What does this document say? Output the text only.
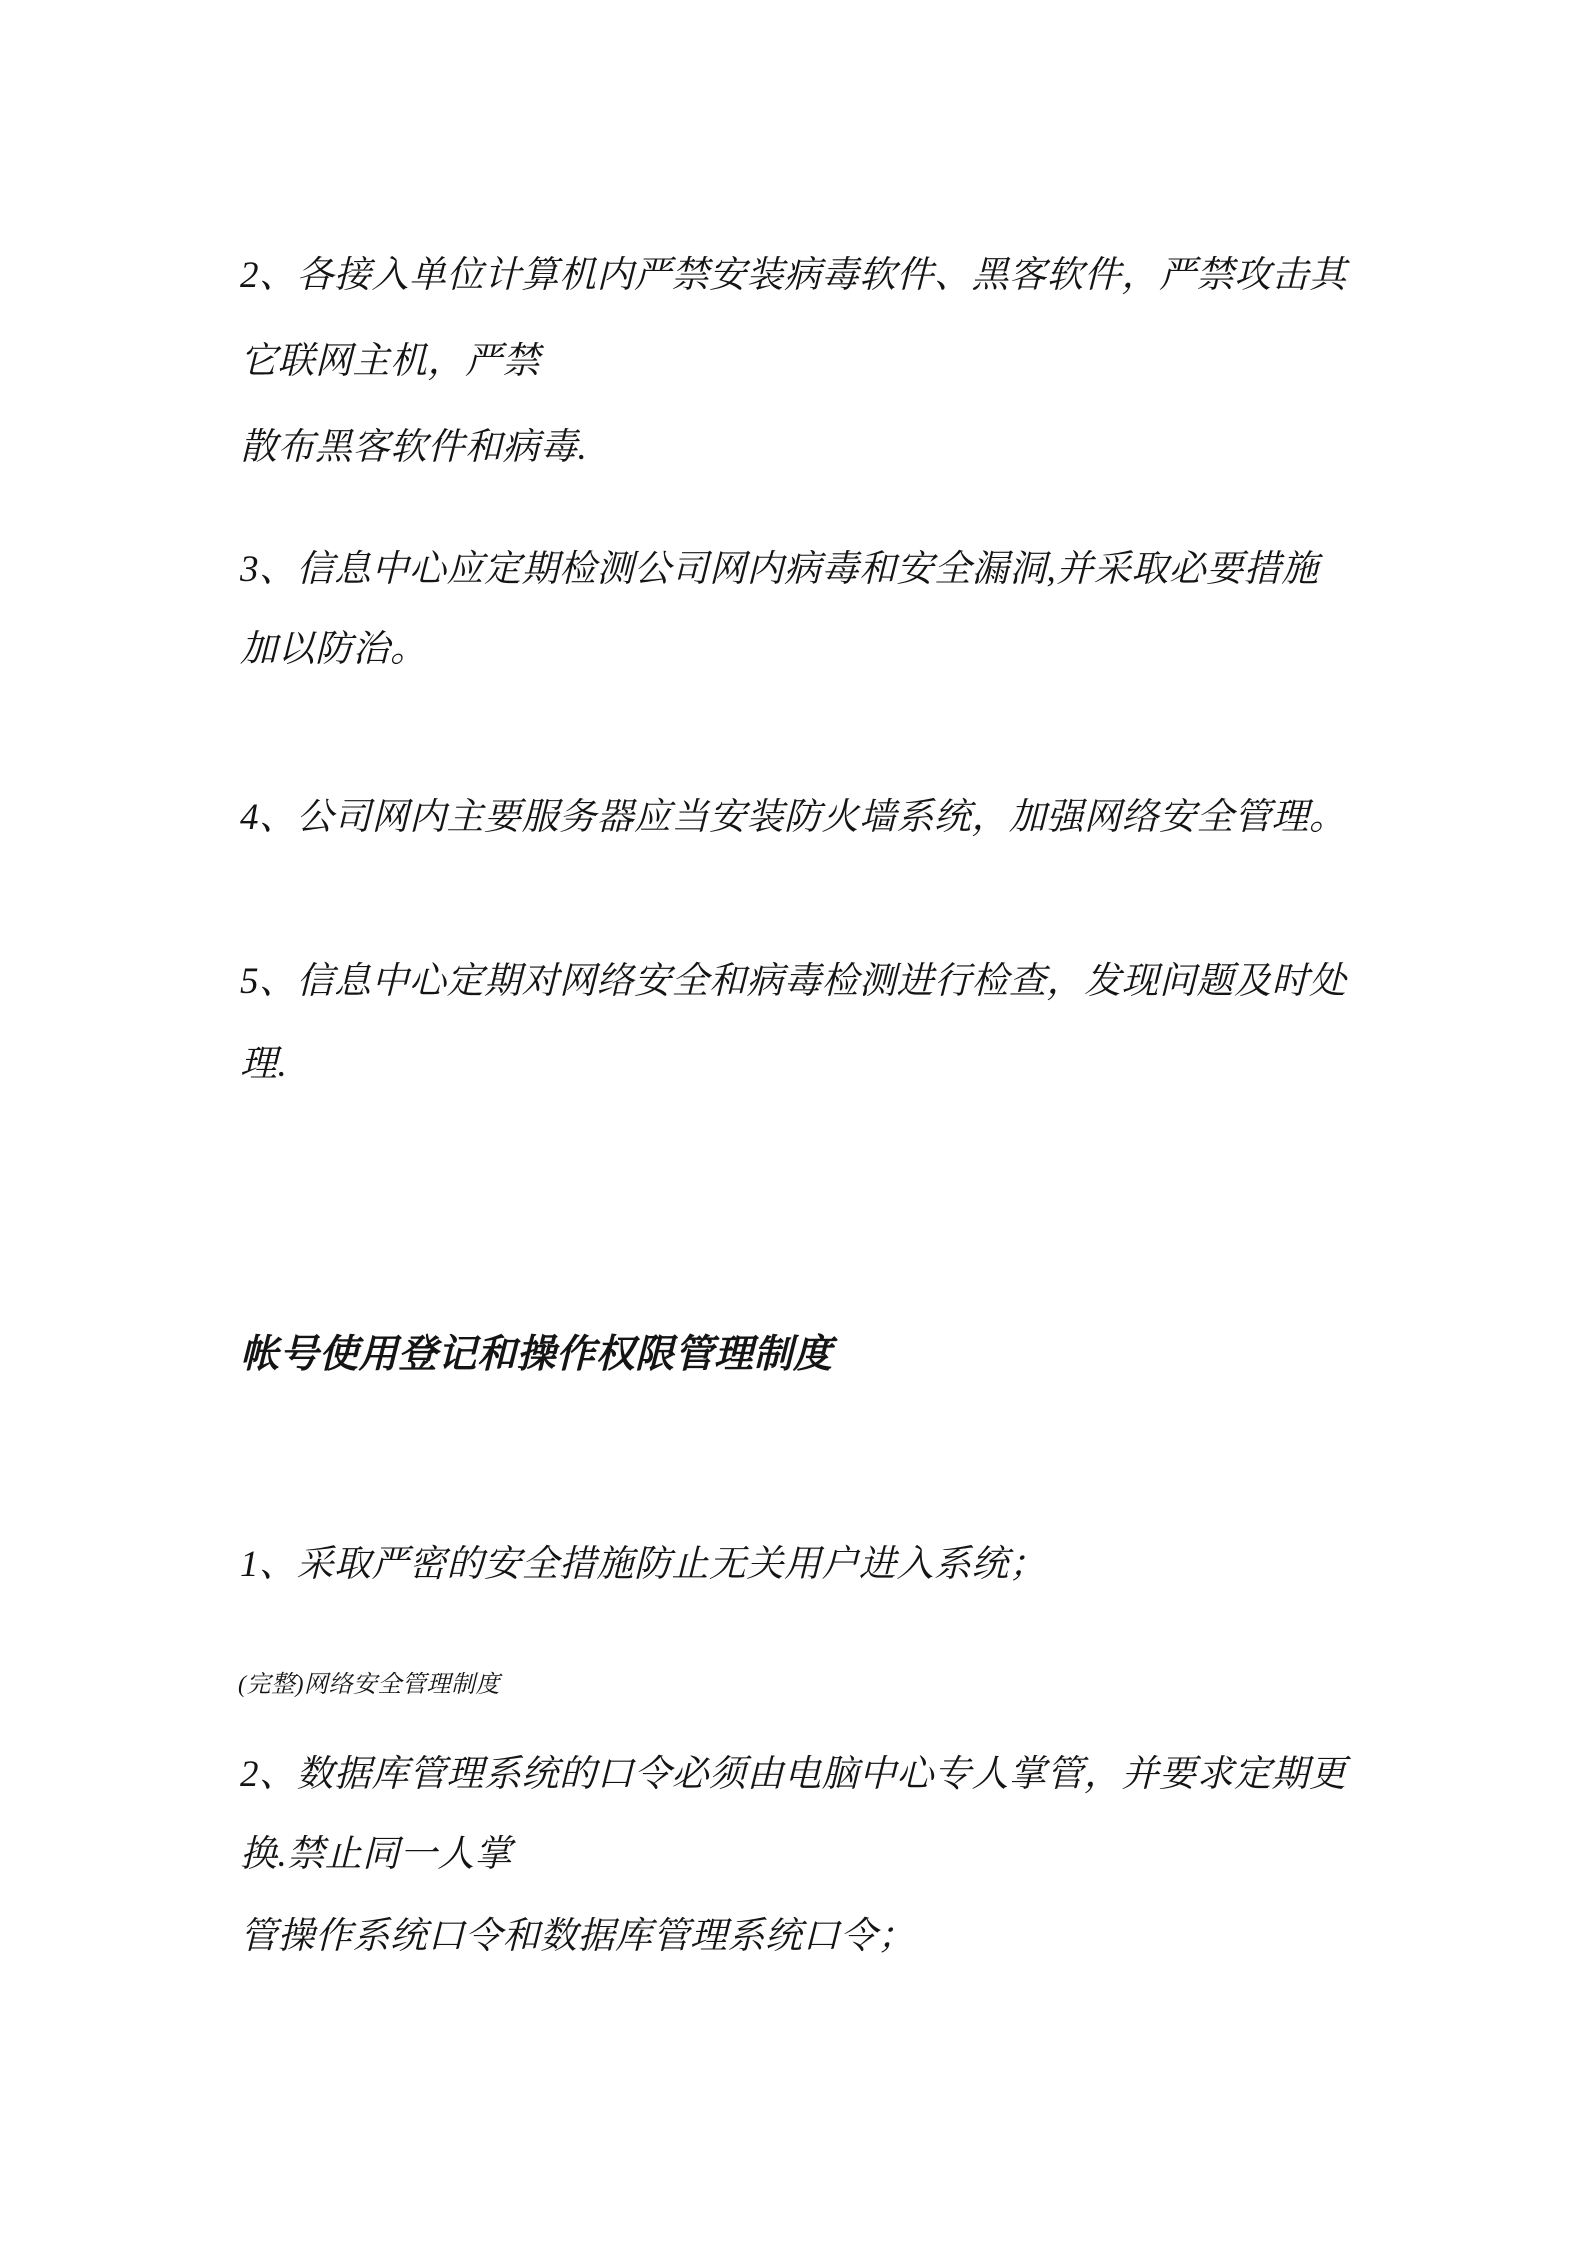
2、各接入单位计算机内严禁安装病毒软件、黑客软件，严禁攻击其

它联网主机，严禁

散布黑客软件和病毒.

3、信息中心应定期检测公司网内病毒和安全漏洞,并采取必要措施

加以防治。

4、公司网内主要服务器应当安装防火墙系统，加强网络安全管理。

5、信息中心定期对网络安全和病毒检测进行检查，发现问题及时处

理.

帐号使用登记和操作权限管理制度

1、采取严密的安全措施防止无关用户进入系统；

(完整)网络安全管理制度

2、数据库管理系统的口令必须由电脑中心专人掌管，并要求定期更

换.禁止同一人掌

管操作系统口令和数据库管理系统口令；
